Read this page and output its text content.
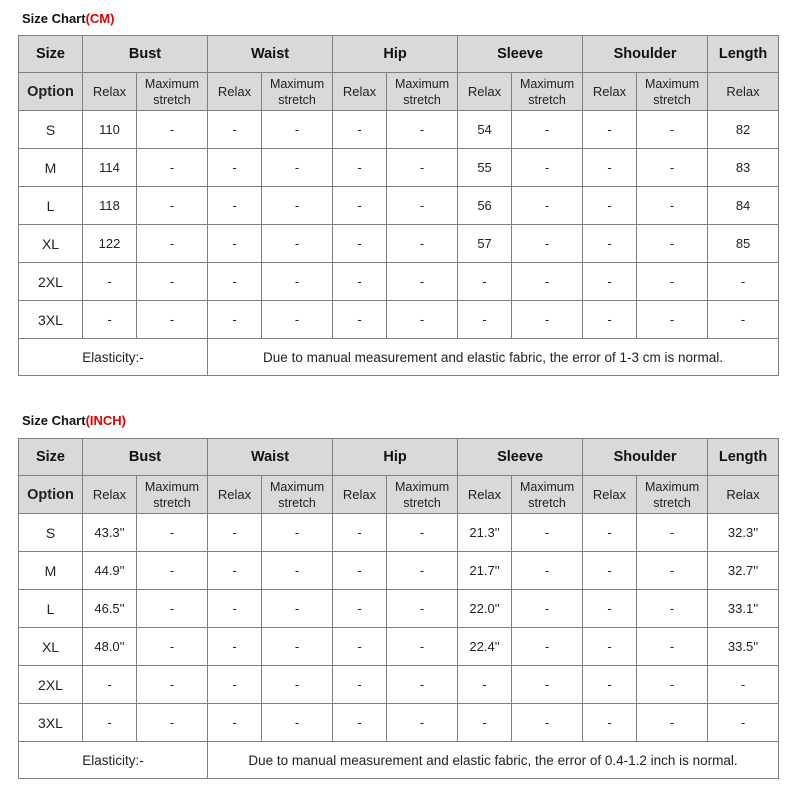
Size Chart(CM)
Size	Bust		Waist		Hip		Sleeve		Shoulder		Length
Option	Relax	Maximum stretch	Relax	Maximum stretch	Relax	Maximum stretch	Relax	Maximum stretch	Relax	Maximum stretch	Relax
S	110	-	-	-	-	-	54	-	-	-	82
M	114	-	-	-	-	-	55	-	-	-	83
L	118	-	-	-	-	-	56	-	-	-	84
XL	122	-	-	-	-	-	57	-	-	-	85
2XL	-	-	-	-	-	-	-	-	-	-	-
3XL	-	-	-	-	-	-	-	-	-	-	-
Elasticity:-			Due to manual measurement and elastic fabric, the error of 1-3 cm is normal.								
Size Chart(INCH)
Size	Bust		Waist		Hip		Sleeve		Shoulder		Length
Option	Relax	Maximum stretch	Relax	Maximum stretch	Relax	Maximum stretch	Relax	Maximum stretch	Relax	Maximum stretch	Relax
S	43.3''	-	-	-	-	-	21.3''	-	-	-	32.3''
M	44.9''	-	-	-	-	-	21.7''	-	-	-	32.7''
L	46.5''	-	-	-	-	-	22.0''	-	-	-	33.1''
XL	48.0''	-	-	-	-	-	22.4''	-	-	-	33.5''
2XL	-	-	-	-	-	-	-	-	-	-	-
3XL	-	-	-	-	-	-	-	-	-	-	-
Elasticity:-			Due to manual measurement and elastic fabric, the error of 0.4-1.2 inch is normal.								
